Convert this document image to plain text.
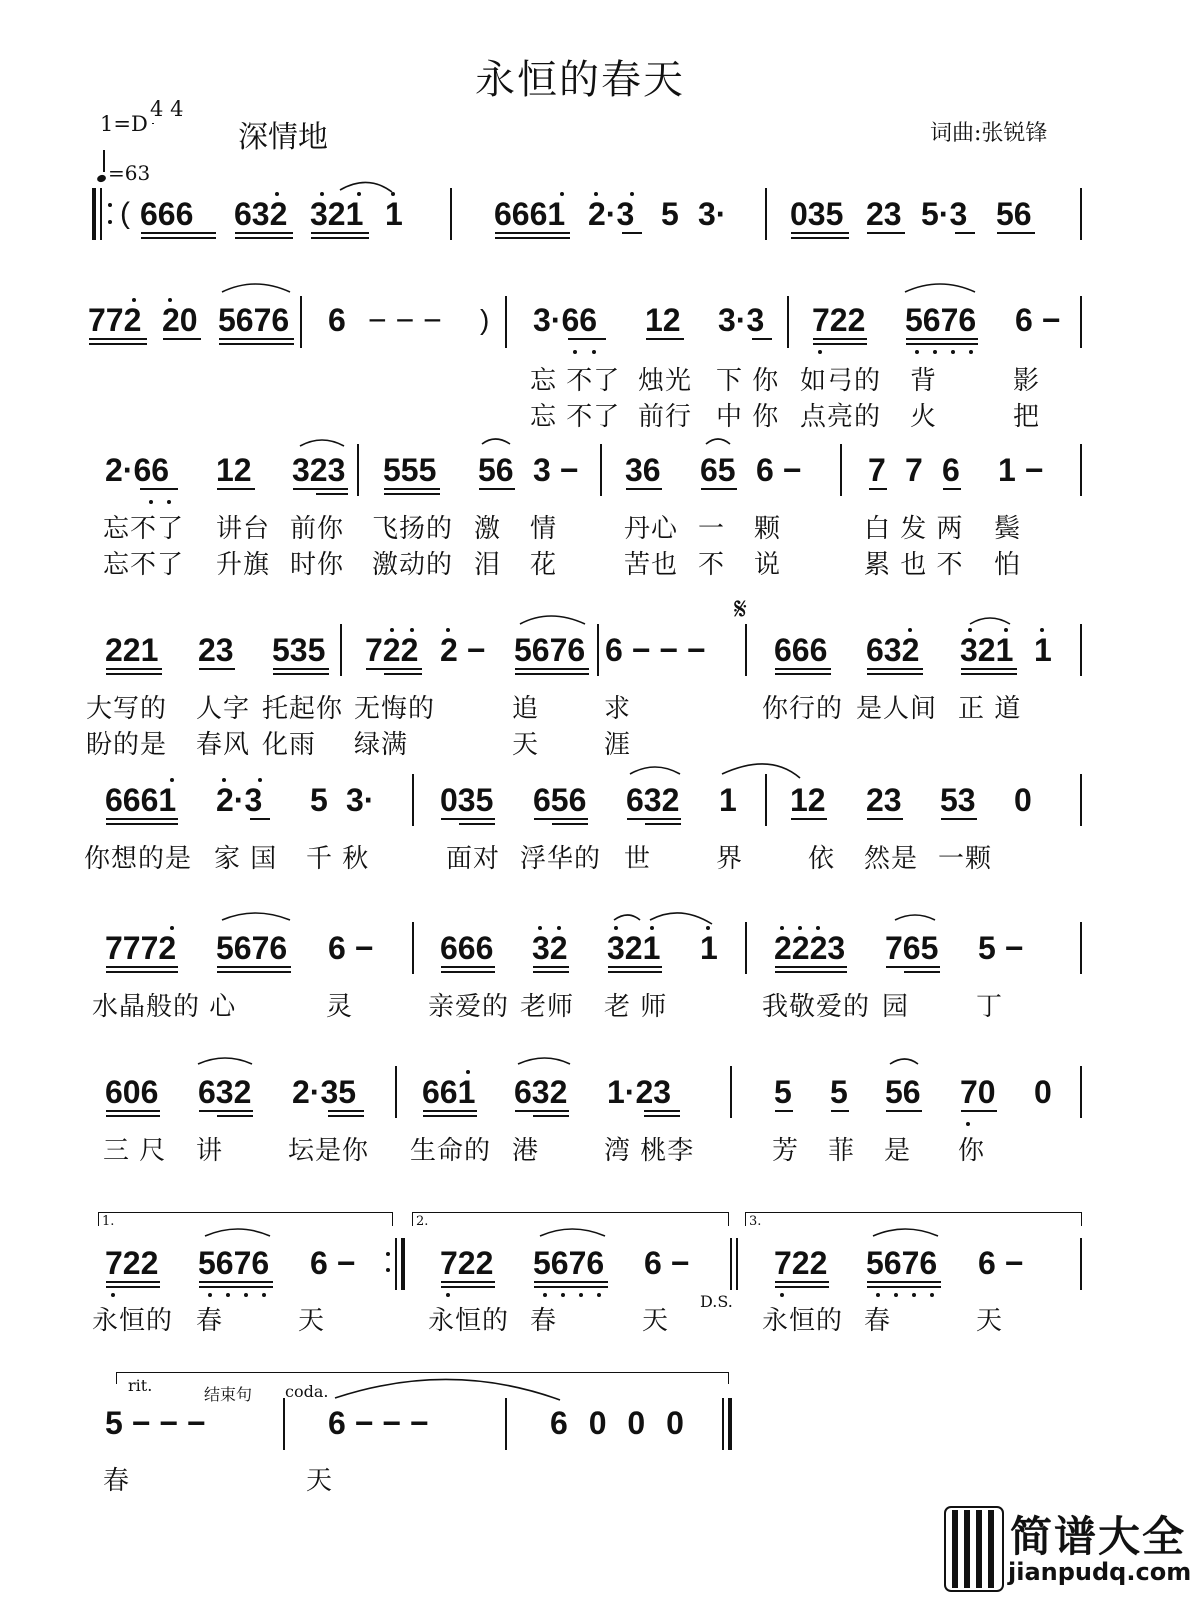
永恒的春天
1=D
4 4
深情地	词曲:张锐锋
=63
( 666 632 321 1	6661 2·3 5 3· 035 23 5·3 56
772 20 5676 6 − − − ) 3·66 12 3·3 722 5676 6 −
忘 不了 烛光 下 你 如弓的 背	影
忘 不了 前行 中 你 点亮的 火	把
2·66 12 323 555 56 3 − 36 65 6 − 7 7 6 1 −
忘不了 讲台 前你 飞扬的 激 情	丹心 一 颗	白 发 两 鬓
忘不了 升旗 时你 激动的 泪 花	苦也 不 说	累 也 不 怕
221 23 535 722 2 − 5676 6 − − −
𝄋
666 632 321 1
大写的 人字 托起你 无悔的	追 求	你行的 是人间 正 道
盼的是 春风 化雨 绿满	天 涯
6661 2·3 5 3· 035 656 632 1 12 23 53 0
你想的是 家 国 千 秋	面对 浮华的 世 界 依 然是 一颗
7772 5676 6 − 666 32 321 1 2223 765 5 −
水晶般的 心	灵	亲爱的 老师 老 师	我敬爱的 园	丁
606 632 2·35 661 632 1·23	5 5 56 70 0
三 尺 讲 坛是你 生命的 港 湾 桃李	芳 菲 是 你
1.	2.	3.
722 5676 6 −	722 5676 6 −
D.S.
722 5676 6 −
永恒的 春	天	永恒的 春	天	永恒的 春	天
rit.	结束句 coda.
5 − − −	6 − − −	6 0 0 0
春	天
简谱大全
jianpudq.com
